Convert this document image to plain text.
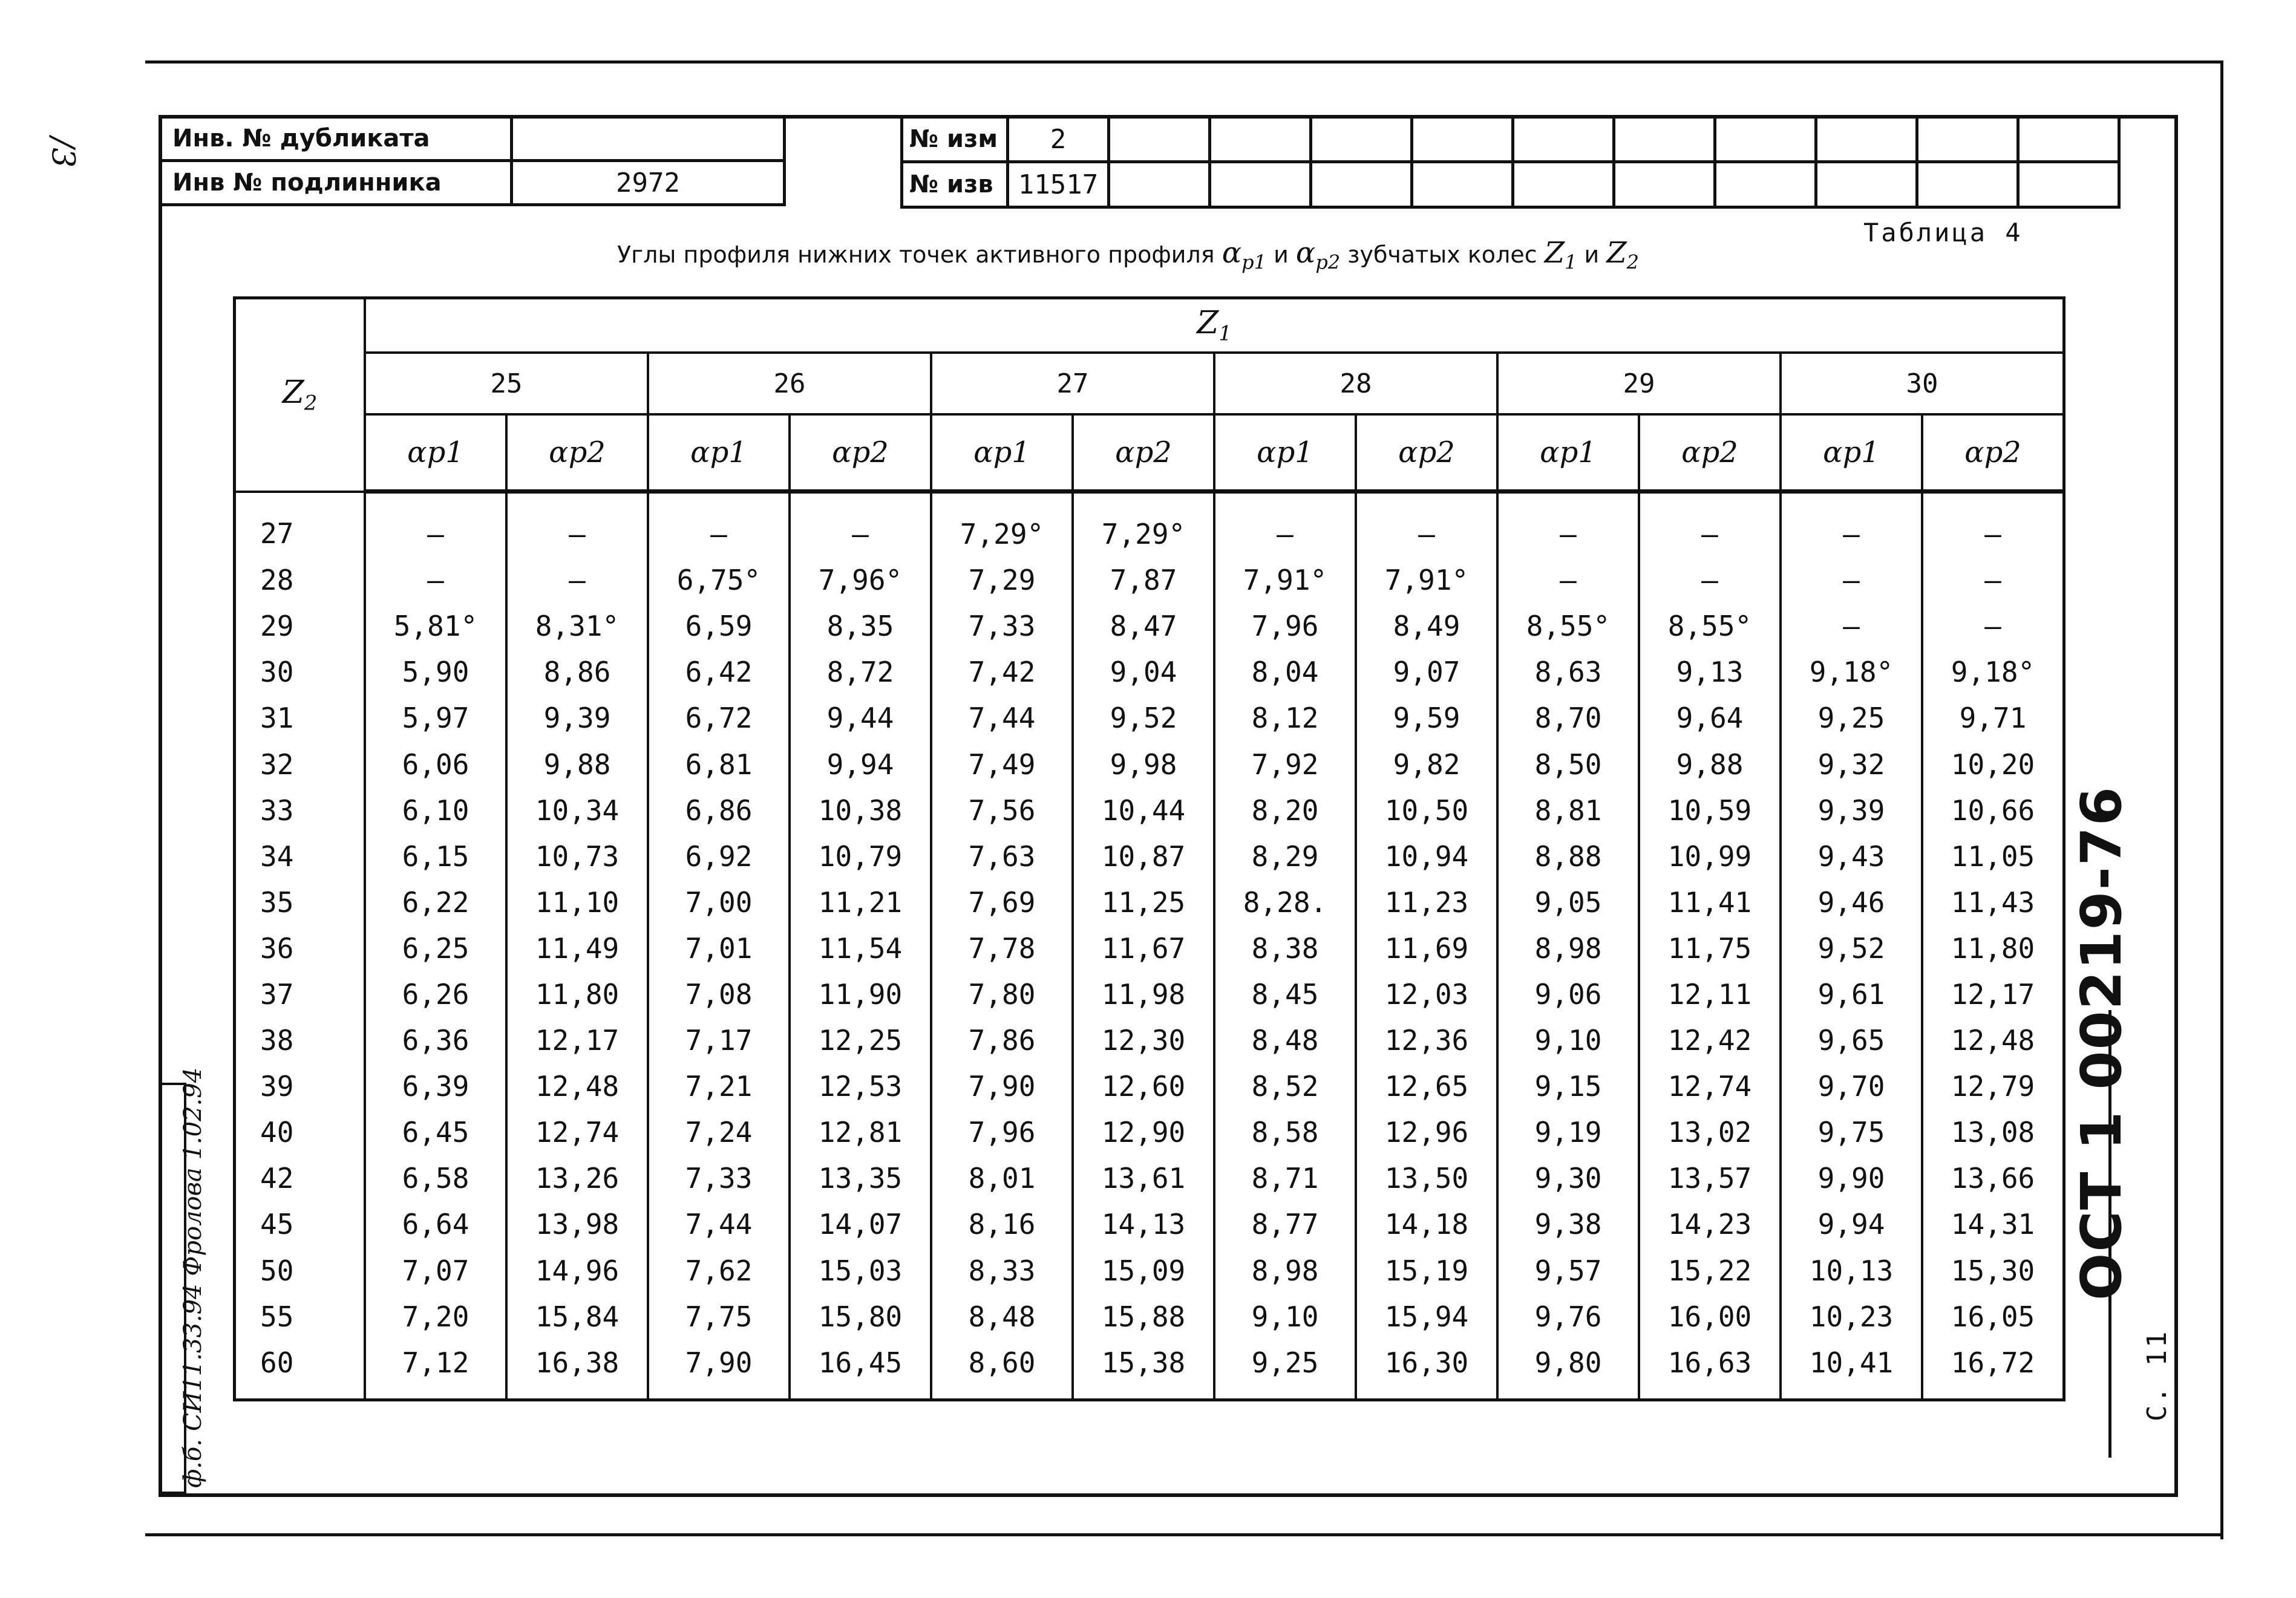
/3	Инв. № дубликата	
Инв № подлинника	2972
№ изм	2										
№ изв	11517										
Таблица 4
Углы профиля нижних точек активного профиля $\alpha_{p1}$ и $\alpha_{p2}$ зубчатых колес $Z_1$ и $Z_2$
$Z_2$	$Z_1$
	25		26		27		28		29		30	
	αp1	αp2	αp1	αp2	αp1	αp2	αp1	αp2	αp1	αp2	αp1	αp2
27	–	–	–	–	7,29°	7,29°	–	–	–	–	–	–
28	–	–	6,75°	7,96°	7,29	7,87	7,91°	7,91°	–	–	–	–
29	5,81°	8,31°	6,59	8,35	7,33	8,47	7,96	8,49	8,55°	8,55°	–	–
30	5,90	8,86	6,42	8,72	7,42	9,04	8,04	9,07	8,63	9,13	9,18°	9,18°
31	5,97	9,39	6,72	9,44	7,44	9,52	8,12	9,59	8,70	9,64	9,25	9,71
32	6,06	9,88	6,81	9,94	7,49	9,98	7,92	9,82	8,50	9,88	9,32	10,20
33	6,10	10,34	6,86	10,38	7,56	10,44	8,20	10,50	8,81	10,59	9,39	10,66
34	6,15	10,73	6,92	10,79	7,63	10,87	8,29	10,94	8,88	10,99	9,43	11,05
35	6,22	11,10	7,00	11,21	7,69	11,25	8,28.	11,23	9,05	11,41	9,46	11,43
36	6,25	11,49	7,01	11,54	7,78	11,67	8,38	11,69	8,98	11,75	9,52	11,80
37	6,26	11,80	7,08	11,90	7,80	11,98	8,45	12,03	9,06	12,11	9,61	12,17
38	6,36	12,17	7,17	12,25	7,86	12,30	8,48	12,36	9,10	12,42	9,65	12,48
39	6,39	12,48	7,21	12,53	7,90	12,60	8,52	12,65	9,15	12,74	9,70	12,79
40	6,45	12,74	7,24	12,81	7,96	12,90	8,58	12,96	9,19	13,02	9,75	13,08
42	6,58	13,26	7,33	13,35	8,01	13,61	8,71	13,50	9,30	13,57	9,90	13,66
45	6,64	13,98	7,44	14,07	8,16	14,13	8,77	14,18	9,38	14,23	9,94	14,31
50	7,07	14,96	7,62	15,03	8,33	15,09	8,98	15,19	9,57	15,22	10,13	15,30
55	7,20	15,84	7,75	15,80	8,48	15,88	9,10	15,94	9,76	16,00	10,23	16,05
60	7,12	16,38	7,90	16,45	8,60	15,38	9,25	16,30	9,80	16,63	10,41	16,72
ОСТ 1 00219-76
С. 11
ф.б. СИ11.33.94 Фролова 1.02.94
